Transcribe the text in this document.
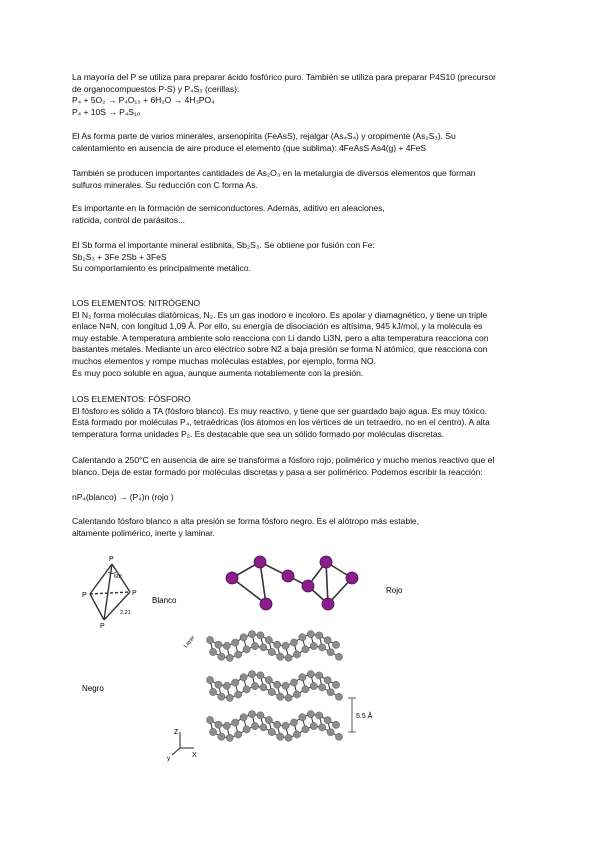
La mayoría del P se utiliza para preparar ácido fosfórico puro. También se utiliza para preparar P4S10 (precursor

de organocompuestos P-S) y P₄S₃ (cerillas):

P₄ + 5O₂ → P₄O₁₀ + 6H₂O → 4H₃PO₄

P₄ + 10S → P₄S₁₀

El As forma parte de varios minerales, arsenopirita (FeAsS), rejalgar (As₄S₄) y oropimente (As₂S₃). Su

calentamiento en ausencia de aire produce el elemento (que sublima): 4FeAsS As4(g) + 4FeS

También se producen importantes cantidades de As₂O₃ en la metalurgia de diversos elementos que forman

sulfuros minerales. Su reducción con C forma As.

Es importante en la formación de semiconductores. Además, aditivo en aleaciones,

raticida, control de parásitos...

El Sb forma el importante mineral estibnita, Sb₂S₃. Se obtiene por fusión con Fe:

Sb₂S₃ + 3Fe 2Sb + 3FeS

Su comportamiento es principalmente metálico.

LOS ELEMENTOS: NITRÓGENO

El N₂ forma moléculas diatómicas, N₂. Es un gas inodoro e incoloro. Es apolar y diamagnético, y tiene un triple

enlace N≡N, con longitud 1,09 Å. Por ello, su energía de disociación es altísima, 945 kJ/mol, y la molécula es

muy estable. A temperatura ambiente solo reacciona con Li dando Li3N, pero a alta temperatura reacciona con

bastantes metales. Mediante un arco eléctrico sobre N2 a baja presión se forma N atómico, que reacciona con

muchos elementos y rompe muchas moléculas estables, por ejemplo, forma NO.

Es muy poco soluble en agua, aunque aumenta notablemente con la presión.

LOS ELEMENTOS: FÓSFORO

El fósforo es sólido a TA (fósforo blanco). Es muy reactivo, y tiene que ser guardado bajo agua. Es muy tóxico.

Está formado por moléculas P₄, tetraédricas (los átomos en los vértices de un tetraedro, no en el centro). A alta

temperatura forma unidades P₂. Es destacable que sea un sólido formado por moléculas discretas.

Calentando a 250°C en ausencia de aire se transforma a fósforo rojo, polimérico y mucho menos reactivo que el

blanco. Deja de estar formado por moléculas discretas y pasa a ser polimérico. Podemos escribir la reacción:

nP₄(blanco) → (P₄)n (rojo )

Calentando fósforo blanco a alta presión se forma fósforo negro. Es el alótropo más estable,

altamente polimérico, inerte y laminar.

P
P	P
P
60°
2.21
Blanco
Rojo
Negro
Layer
5.5 Å
Z
X
y
